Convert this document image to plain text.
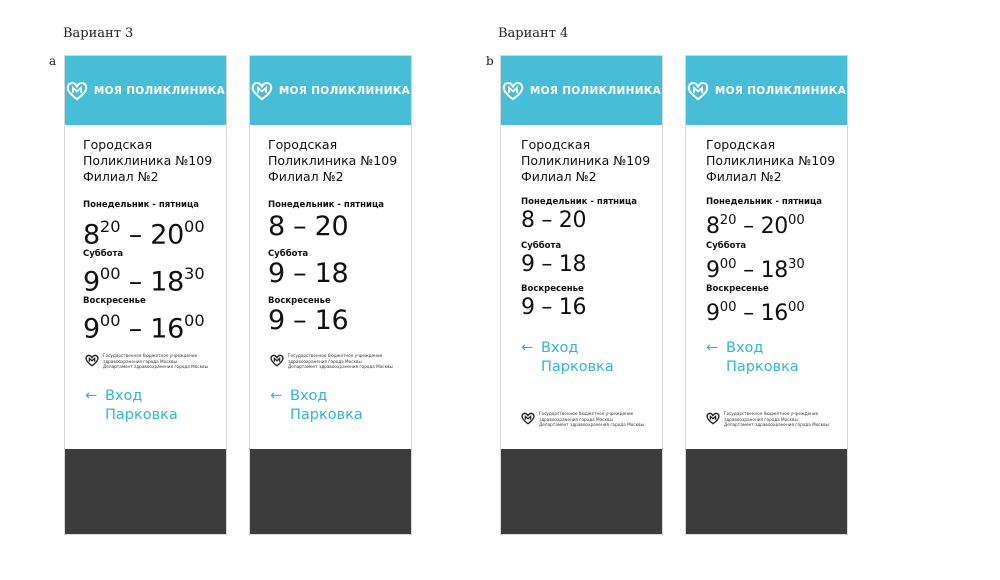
Вариант 3	Вариант 4
a	b
МОЯ ПОЛИКЛИНИКА
Городская
Поликлиника №109
Филиал №2
Понедельник - пятница
$8^{20} - 20^{00}$
Суббота
$9^{00} - 18^{30}$
Воскресенье
$9^{00} - 16^{00}$
Государственное бюджетное учреждение
здравоохранения города Москвы
Департамент здравоохранения города Москвы
← Вход
Парковка
МОЯ ПОЛИКЛИНИКА
Городская
Поликлиника №109
Филиал №2
Понедельник - пятница
8 – 20
Суббота
9 – 18
Воскресенье
9 – 16
Государственное бюджетное учреждение
здравоохранения города Москвы
Департамент здравоохранения города Москвы
← Вход
Парковка
МОЯ ПОЛИКЛИНИКА
Городская
Поликлиника №109
Филиал №2
Понедельник - пятница
8 – 20
Суббота
9 – 18
Воскресенье
9 – 16
← Вход
Парковка
Государственное бюджетное учреждение
здравоохранения города Москвы
Департамент здравоохранения города Москвы
МОЯ ПОЛИКЛИНИКА
Городская
Поликлиника №109
Филиал №2
Понедельник - пятница
$8^{20} - 20^{00}$
Суббота
$9^{00} - 18^{30}$
Воскресенье
$9^{00} - 16^{00}$
← Вход
Парковка
Государственное бюджетное учреждение
здравоохранения города Москвы
Департамент здравоохранения города Москвы
